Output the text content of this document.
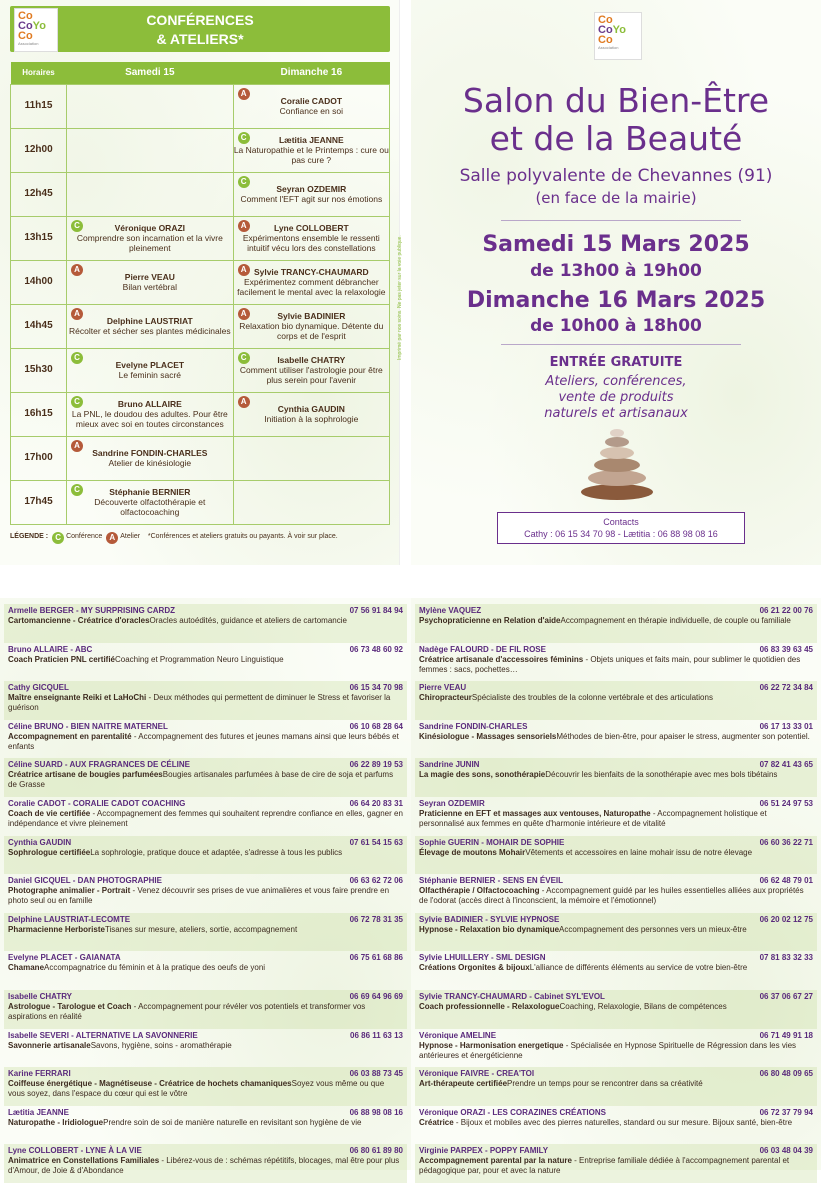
CONFÉRENCES
& ATELIERS*
Co
CoYo
Co
Association
Horaires	Samedi 15	Dimanche 16
11h15		A
Coralie CADOT
Confiance en soi
12h00		C Lætitia JEANNE
La Naturopathie et le Printemps : cure ou pas cure ?
12h45		C
Seyran OZDEMIR
Comment l'EFT agit sur nos émotions
13h15	C Véronique ORAZI
Comprendre son incarnation et la vivre pleinement	A Lyne COLLOBERT
Expérimentons ensemble le ressenti intuitif vécu lors des constellations
14h00	A
Pierre VEAU
Bilan vertébral	A Sylvie TRANCY-CHAUMARD
Expérimentez comment débrancher facilement le mental avec la relaxologie
14h45	A
Delphine LAUSTRIAT
Récolter et sécher ses plantes médicinales	A Sylvie BADINIER
Relaxation bio dynamique. Détente du corps et de l'esprit
15h30	C
Evelyne PLACET
Le feminin sacré	C Isabelle CHATRY
Comment utiliser l'astrologie pour être plus serein pour l'avenir
16h15	C Bruno ALLAIRE
La PNL, le doudou des adultes. Pour être mieux avec soi en toutes circonstances	A
Cynthia GAUDIN
Initiation à la sophrologie
17h00	A
Sandrine FONDIN-CHARLES
Atelier de kinésiologie	
17h45	C Stéphanie BERNIER
Découverte olfactothérapie et olfactocoaching	
LÉGENDE : C Conférence A Atelier *Conférences et ateliers gratuits ou payants. À voir sur place.
Imprimé par nos soins. Ne pas jeter sur la voie publique.
Co
CoYo
Co
Association
Salon du Bien-Être
et de la Beauté
Salle polyvalente de Chevannes (91)
(en face de la mairie)
Samedi 15 Mars 2025
de 13h00 à 19h00
Dimanche 16 Mars 2025
de 10h00 à 18h00
ENTRÉE GRATUITE
Ateliers, conférences,
vente de produits
naturels et artisanaux
Contacts
Cathy : 06 15 34 70 98 - Lætitia : 06 88 98 08 16
Armelle BERGER - MY SURPRISING CARDZ	07 56 91 84 94
Cartomancienne - Créatrice d'oraclesOracles autoédités, guidance et ateliers de cartomancie
Bruno ALLAIRE - ABC	06 73 48 60 92
Coach Praticien PNL certifiéCoaching et Programmation Neuro Linguistique
Cathy GICQUEL	06 15 34 70 98
Maître enseignante Reiki et LaHoChi - Deux méthodes qui permettent de diminuer le Stress et favoriser la guérison
Céline BRUNO - BIEN NAITRE MATERNEL	06 10 68 28 64
Accompagnement en parentalité - Accompagnement des futures et jeunes mamans ainsi que leurs bébés et enfants
Céline SUARD - AUX FRAGRANCES DE CÉLINE	06 22 89 19 53
Créatrice artisane de bougies parfuméesBougies artisanales parfumées à base de cire de soja et parfums de Grasse
Coralie CADOT - CORALIE CADOT COACHING	06 64 20 83 31
Coach de vie certifiée - Accompagnement des femmes qui souhaitent reprendre confiance en elles, gagner en indépendance et vivre pleinement
Cynthia GAUDIN	07 61 54 15 63
Sophrologue certifiéeLa sophrologie, pratique douce et adaptée, s'adresse à tous les publics
Daniel GICQUEL - DAN PHOTOGRAPHIE	06 63 62 72 06
Photographe animalier - Portrait - Venez découvrir ses prises de vue animalières et vous faire prendre en photo seul ou en famille
Delphine LAUSTRIAT-LECOMTE	06 72 78 31 35
Pharmacienne HerboristeTisanes sur mesure, ateliers, sortie, accompagnement
Evelyne PLACET - GAIANATA	06 75 61 68 86
ChamaneAccompagnatrice du féminin et à la pratique des oeufs de yoni
Isabelle CHATRY	06 69 64 96 69
Astrologue - Tarologue et Coach - Accompagnement pour révéler vos potentiels et transformer vos aspirations en réalité
Isabelle SEVERI - ALTERNATIVE LA SAVONNERIE	06 86 11 63 13
Savonnerie artisanaleSavons, hygiène, soins - aromathérapie
Karine FERRARI	06 03 88 73 45
Coiffeuse énergétique - Magnétiseuse - Créatrice de hochets chamaniquesSoyez vous même ou que vous soyez, dans l'espace du cœur qui est le vôtre
Lætitia JEANNE	06 88 98 08 16
Naturopathe - IridiologuePrendre soin de soi de manière naturelle en revisitant son hygiène de vie
Lyne COLLOBERT - LYNE À LA VIE	06 80 61 89 80
Animatrice en Constellations Familiales - Libérez-vous de : schémas répétitifs, blocages, mal être pour plus d'Amour, de Joie & d'Abondance
Mylène VAQUEZ	06 21 22 00 76
Psychopraticienne en Relation d'aideAccompagnement en thérapie individuelle, de couple ou familiale
Nadège FALOURD - DE FIL ROSE	06 83 39 63 45
Créatrice artisanale d'accessoires féminins - Objets uniques et faits main, pour sublimer le quotidien des femmes : sacs, pochettes…
Pierre VEAU	06 22 72 34 84
ChiropracteurSpécialiste des troubles de la colonne vertébrale et des articulations
Sandrine FONDIN-CHARLES	06 17 13 33 01
Kinésiologue - Massages sensorielsMéthodes de bien-être, pour apaiser le stress, augmenter son potentiel.
Sandrine JUNIN	07 82 41 43 65
La magie des sons, sonothérapieDécouvrir les bienfaits de la sonothérapie avec mes bols tibétains
Seyran OZDEMIR	06 51 24 97 53
Praticienne en EFT et massages aux ventouses, Naturopathe - Accompagnement holistique et personnalisé aux femmes en quête d'harmonie intérieure et de vitalité
Sophie GUERIN - MOHAIR DE SOPHIE	06 60 36 22 71
Élevage de moutons MohairVêtements et accessoires en laine mohair issu de notre élevage
Stéphanie BERNIER - SENS EN ÉVEIL	06 62 48 79 01
Olfacthérapie / Olfactocoaching - Accompagnement guidé par les huiles essentielles alliées aux propriétés de l'odorat (accès direct à l'inconscient, la mémoire et l'émotionnel)
Sylvie BADINIER - SYLVIE HYPNOSE	06 20 02 12 75
Hypnose - Relaxation bio dynamiqueAccompagnement des personnes vers un mieux-être
Sylvie LHUILLERY - SML DESIGN	07 81 83 32 33
Créations Orgonites & bijouxL'alliance de différents éléments au service de votre bien-être
Sylvie TRANCY-CHAUMARD - Cabinet SYL'EVOL	06 37 06 67 27
Coach professionnelle - RelaxologueCoaching, Relaxologie, Bilans de compétences
Véronique AMELINE	06 71 49 91 18
Hypnose - Harmonisation energetique - Spécialisée en Hypnose Spirituelle de Régression dans les vies antérieures et énergéticienne
Véronique FAIVRE - CREA'TOI	06 80 48 09 65
Art-thérapeute certifiéePrendre un temps pour se rencontrer dans sa créativité
Véronique ORAZI - LES CORAZINES CRÉATIONS	06 72 37 79 94
Créatrice - Bijoux et mobiles avec des pierres naturelles, standard ou sur mesure. Bijoux santé, bien-être
Virginie PARPEX - POPPY FAMILY	06 03 48 04 39
Accompagnement parental par la nature - Entreprise familiale dédiée à l'accompagnement parental et pédagogique par, pour et avec la nature
